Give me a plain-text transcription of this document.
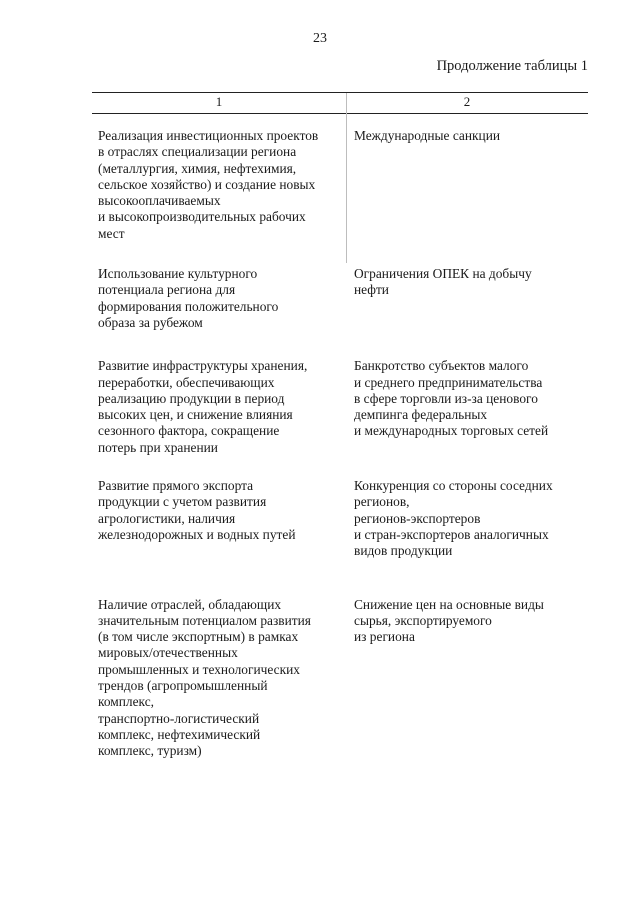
23
Продолжение таблицы 1
1	2
Реализация инвестиционных проектов
в отраслях специализации региона
(металлургия, химия, нефтехимия,
сельское хозяйство) и создание новых
высокооплачиваемых
и высокопроизводительных рабочих
мест
Международные санкции
Использование культурного
потенциала региона для
формирования положительного
образа за рубежом
Ограничения ОПЕК на добычу
нефти
Развитие инфраструктуры хранения,
переработки, обеспечивающих
реализацию продукции в период
высоких цен, и снижение влияния
сезонного фактора, сокращение
потерь при хранении
Банкротство субъектов малого
и среднего предпринимательства
в сфере торговли из-за ценового
демпинга федеральных
и международных торговых сетей
Развитие прямого экспорта
продукции с учетом развития
агрологистики, наличия
железнодорожных и водных путей
Конкуренция со стороны соседних
регионов,
регионов-экспортеров
и стран-экспортеров аналогичных
видов продукции
Наличие отраслей, обладающих
значительным потенциалом развития
(в том числе экспортным) в рамках
мировых/отечественных
промышленных и технологических
трендов (агропромышленный
комплекс,
транспортно-логистический
комплекс, нефтехимический
комплекс, туризм)
Снижение цен на основные виды
сырья, экспортируемого
из региона
